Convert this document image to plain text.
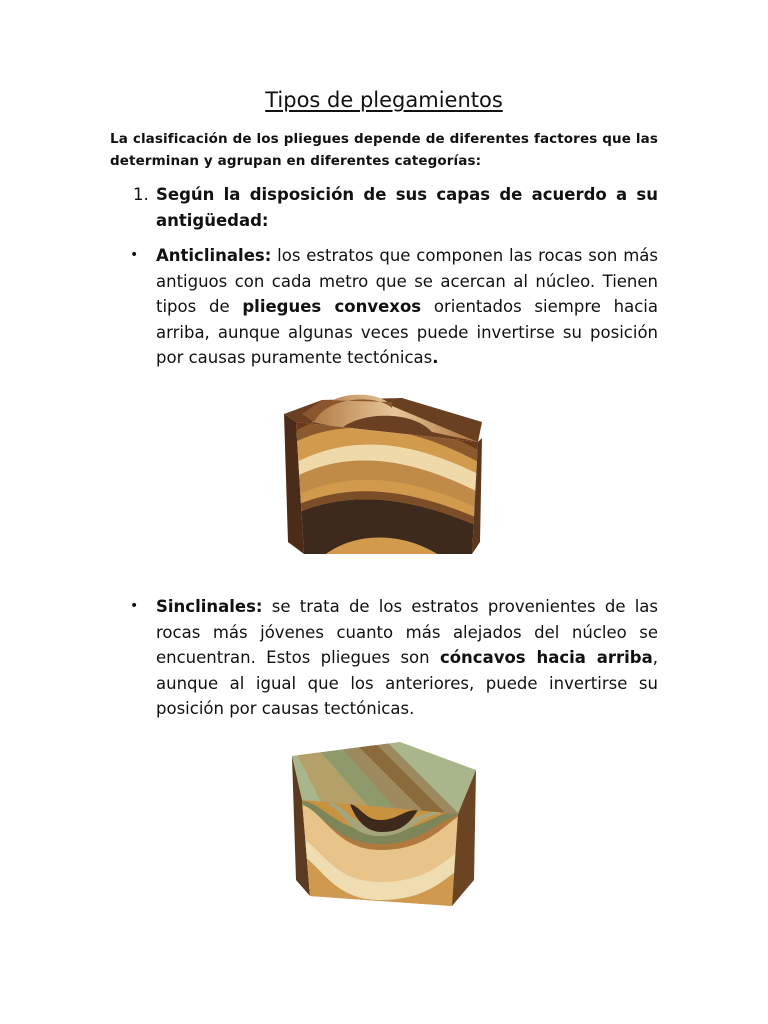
Tipos de plegamientos
La clasificación de los pliegues depende de diferentes factores que las determinan y agrupan en diferentes categorías:
1. Según la disposición de sus capas de acuerdo a su antigüedad:
• Anticlinales: los estratos que componen las rocas son más antiguos con cada metro que se acercan al núcleo. Tienen tipos de pliegues convexos orientados siempre hacia arriba, aunque algunas veces puede invertirse su posición por causas puramente tectónicas.
• Sinclinales: se trata de los estratos provenientes de las rocas más jóvenes cuanto más alejados del núcleo se encuentran. Estos pliegues son cóncavos hacia arriba, aunque al igual que los anteriores, puede invertirse su posición por causas tectónicas.
